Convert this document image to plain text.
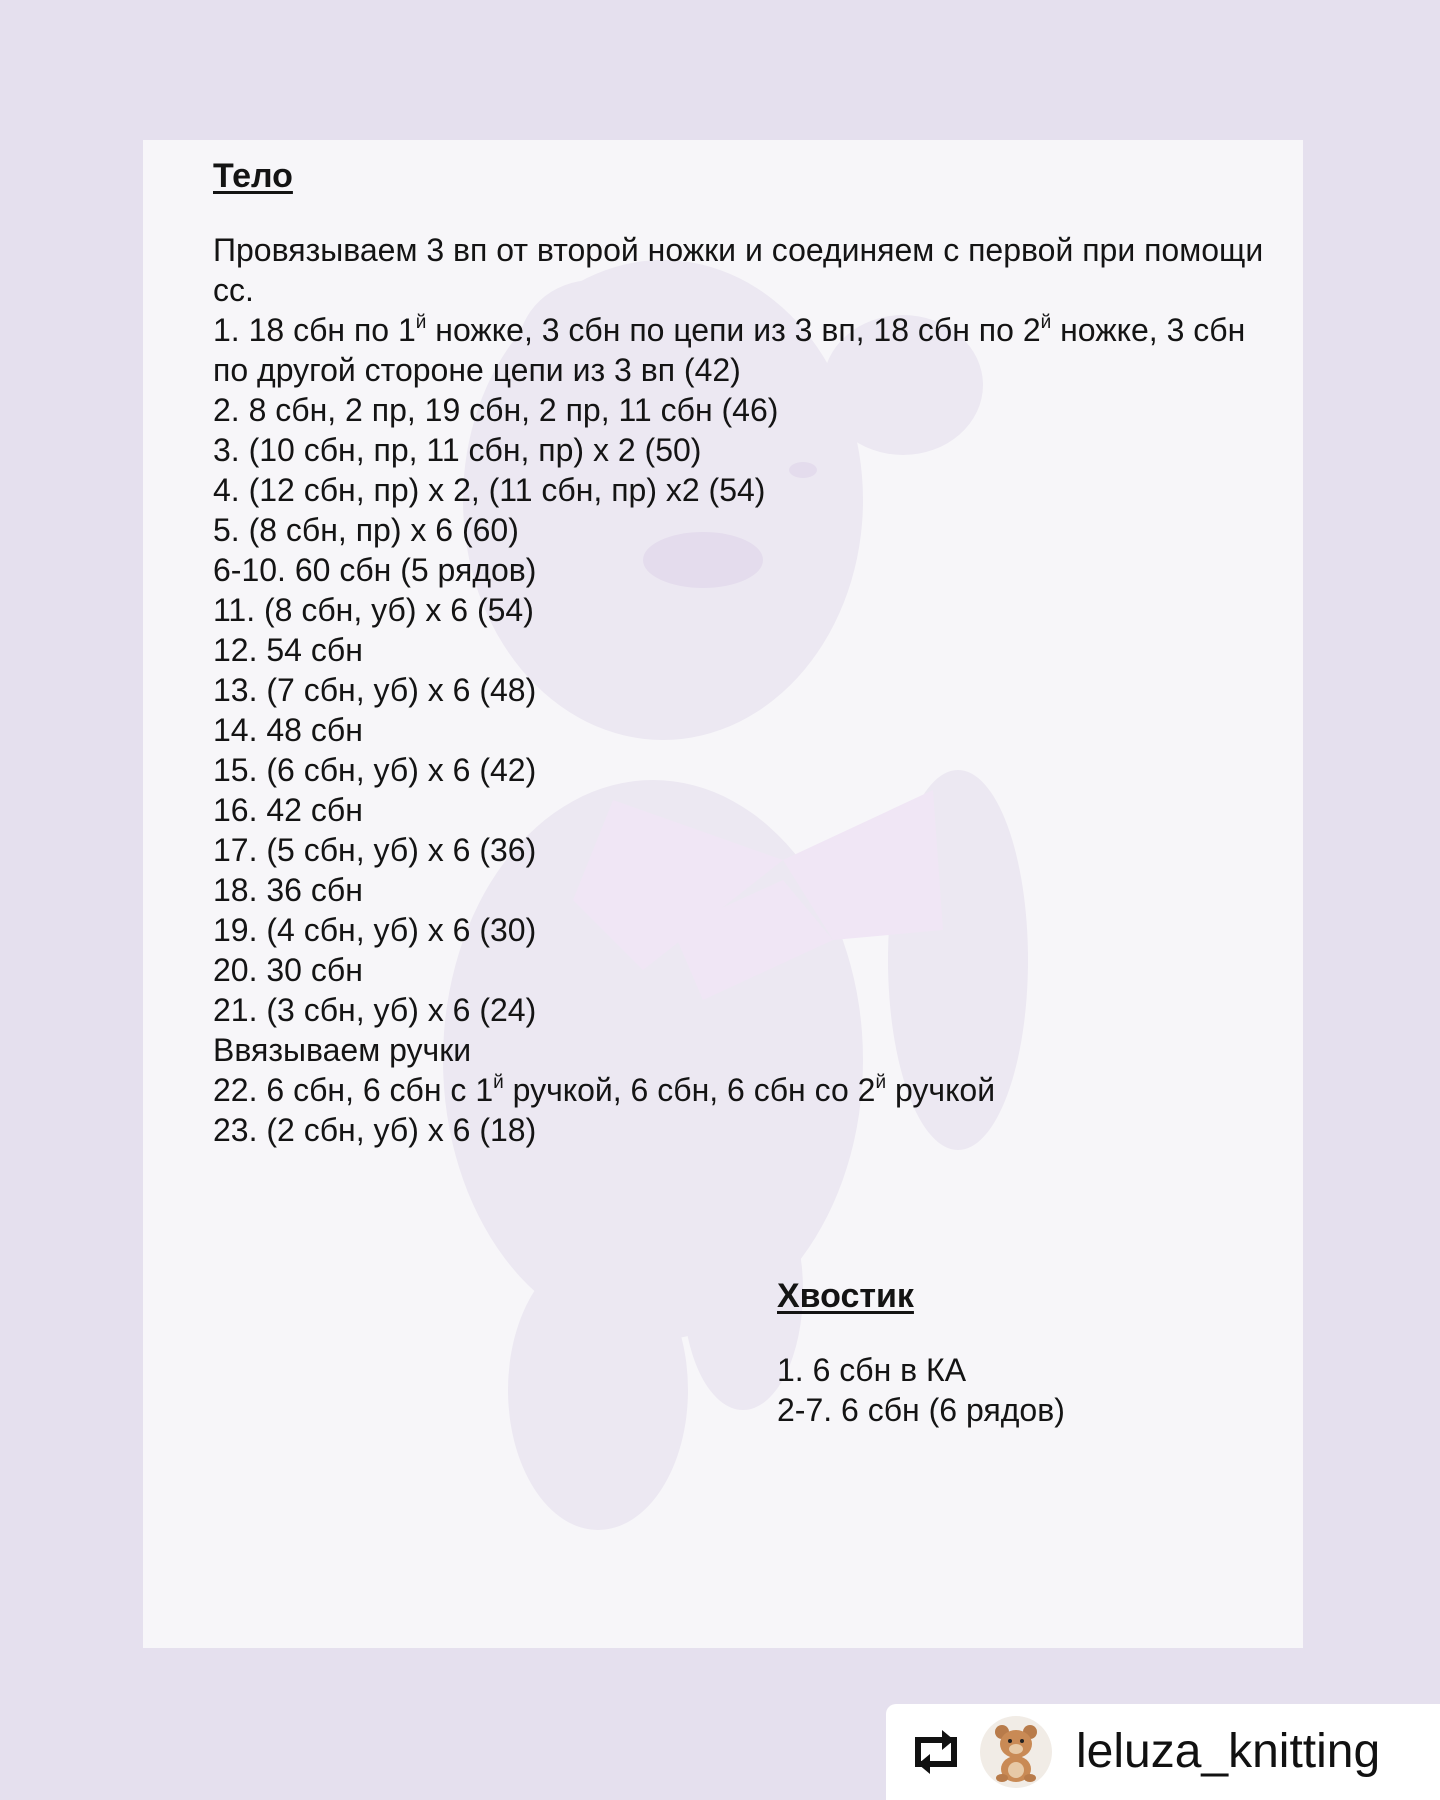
Тело

Провязываем 3 вп от второй ножки и соединяем с первой при помощи сс.

1. 18 сбн по $1^й$ ножке, 3 сбн по цепи из 3 вп, 18 сбн по $2^й$ ножке, 3 сбн по другой стороне цепи из 3 вп (42)

2. 8 сбн, 2 пр, 19 сбн, 2 пр, 11 сбн (46)

3. (10 сбн, пр, 11 сбн, пр) х 2 (50)

4. (12 сбн, пр) х 2, (11 сбн, пр) х2 (54)

5. (8 сбн, пр) х 6 (60)

6-10. 60 сбн (5 рядов)

11. (8 сбн, уб) х 6 (54)

12. 54 сбн

13. (7 сбн, уб) х 6 (48)

14. 48 сбн

15. (6 сбн, уб) х 6 (42)

16. 42 сбн

17. (5 сбн, уб) х 6 (36)

18. 36 сбн

19. (4 сбн, уб) х 6 (30)

20. 30 сбн

21. (3 сбн, уб) х 6 (24)

Ввязываем ручки

22. 6 сбн, 6 сбн с $1^й$ ручкой, 6 сбн, 6 сбн со $2^й$ ручкой

23. (2 сбн, уб) х 6 (18)

Хвостик

1. 6 сбн в КА

2-7. 6 сбн (6 рядов)

leluza_knitting
